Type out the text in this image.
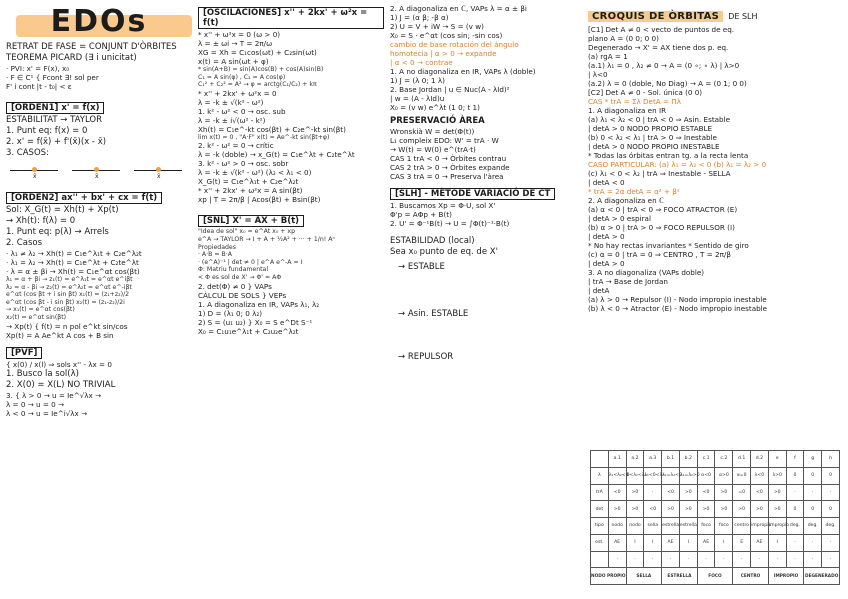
EDOs
RETRAT DE FASE = CONJUNT D'ÒRBITES
TEOREMA PICARD (∃ i unicitat)
· PVI: x' = F(x), x₀
· F ∈ C¹ { Fcont ∃! sol per
F' i cont |t - t₀| < ε
[ORDEN1] x' = f(x)
ESTABILITAT → TAYLOR
1. Punt eq: f(x) = 0
2. x' = f(x̄) + f'(x̄)(x - x̄)
3. CASOS:
x̄	x̄	x̄
[ORDEN2] ax'' + bx' + cx = f(t)
Sol: X_G(t) = Xh(t) + Xp(t)
→ Xh(t): f(λ) = 0
1. Punt eq: p(λ) → Arrels
2. Casos
· λ₁ ≠ λ₂ → Xh(t) = C₁e^λ₁t + C₂e^λ₂t
· λ₁ = λ₂ → Xh(t) = C₁e^λt + C₂te^λt
· λ = α ± βi → Xh(t) = C₁e^αt cos(βt)
λ₁ = α + βi → z₁(t) = e^λ₁t = e^αt e^iβt
λ₂ = α - βi → z₂(t) = e^λ₂t = e^αt e^-iβt
e^αt (cos βt + i sin βt) x₁(t) = (z₁+z₂)/2
e^αt (cos βt - i sin βt) x₂(t) = (z₁-z₂)/2i
→ x₁(t) = e^αt cos(βt)
x₂(t) = e^αt sin(βt)
→ Xp(t) { f(t) = n pol e^kt sin/cos
Xp(t) = A Ae^kt A cos + B sin
[PVF]
{ x(0) / x(l) ⇒ sols x'' - λx = 0
1. Busco la sol(λ)
2. X(0) = X(L) NO TRIVIAL
3. { λ > 0 → u = Ie^√λx →
λ = 0 → u = 0 →
λ < 0 → u = Ie^i√λx →
[OSCILACIONES] x'' + 2kx' + ω²x = f(t)
* x'' + ω²x = 0 (ω > 0)
λ = ± ωi → T = 2π/ω
XG = Xh = C₁cos(ωt) + C₂sin(ωt)
x(t) = A sin(ωt + φ)
* sin(A+B) = sin(A)cos(B) + cos(A)sin(B)
C₁ = A sin(φ) , C₂ = A cos(φ)
C₁² + C₂² = A² → φ = arctg(C₁/C₂) + kπ
* x'' + 2kx' + ω²x = 0
λ = -k ± √(k² - ω²)
1. k² - ω² < 0 → osc. sub
λ = -k ± i√(ω² - k²)
Xh(t) = C₁e^-kt cos(βt) + C₂e^-kt sin(βt)
lim x(t) = 0 , "A·F" x(t) = Ae^-kt sin(βt+φ)
2. k² - ω² = 0 → crític
λ = -k (doble) → x_G(t) = C₁e^λt + C₂te^λt
3. k² - ω² > 0 → osc. sobr
λ = -k ± √(k² - ω²) (λ₂ < λ₁ < 0)
X_G(t) = C₁e^λ₁t + C₂e^λ₂t
* x'' + 2kx' + ω²x = A sin(βt)
xp | T = 2π/β | Acos(βt) + Bsin(βt)
[SNL] X' = AX + B(t)
"Idea de sol" x₀ = e^At x₀ + xp
e^A → TAYLOR → I + A + ½A² + ··· + 1/n! Aⁿ
Propiedades
· A·B = B·A
· (e^A)⁻¹ | det ≠ 0 | e^A e^-A = I
Φ: Matriu fundamental
< Φ es sol de X' → Φ' = AΦ
2. det(Φ) ≠ 0 } VAPs
CÀLCUL DE SOLS } VEPs
1. A diagonaliza en IR, VAPs λ₁, λ₂
1) D = (λ₁ 0; 0 λ₂)
2) S = (u₁ u₂) } X₀ = S e^Dt S⁻¹
X₀ = C₁u₁e^λ₁t + C₂u₂e^λ₂t
2. A diagonaliza en ℂ, VAPs λ = α ± βi
1) J = (α β; -β α)
2) U = V + iW → S = (v w)
X₀ = S · e^αt (cos sin; -sin cos)
cambio de base rotación del ángulo
homotecia | α > 0 → expande
| α < 0 → contrae
1. A no diagonaliza en IR, VAPs λ (doble)
1) J = (λ 0; 1 λ)
2. Base Jordan | u ∈ Nuc(A - λId)²
| w = (A - λId)u
X₀ = (v w) e^λt (1 0; t 1)
PRESERVACIÓ ÀREA
Wronskià W = det(Φ(t))
L₁ compleix EDO: W' = trA · W
→ W(t) = W(0) e^(trA·t)
CAS 1 trA < 0 → Òrbites contrau
CAS 2 trA > 0 → Òrbites expande
CAS 3 trA = 0 → Preserva l'àrea
[SLH] - MÈTODE VARIACIÓ DE CT
1. Buscamos Xp = Φ·U, sol X'
Φ'p = AΦp + B(t)
2. U' = Φ⁻¹B(t) → U = ∫Φ(t)⁻¹·B(t)
ESTABILIDAD (local)
Sea x₀ punto de eq. de X'
→ ESTABLE
→ Asin. ESTABLE
→ REPULSOR
CROQUIS DE ÒRBITAS DE SLH
[C1] Det A ≠ 0 < vecto de puntos de eq.
plano A = (0 0; 0 0)
Degenerado → X' = AX tiene dos p. eq.
(a) rgA = 1
(a.1) λ₁ = 0 , λ₂ ≠ 0 → A = (0 ∘; ∘ λ) | λ>0
| λ<0
(a.2) λ = 0 (doble, No Diag) → A = (0 1; 0 0)
[C2] Det A ≠ 0 - Sol. única (0 0)
CAS * trA = Σλ DetA = Πλ
1. A diagonaliza en IR
(a) λ₁ < λ₂ < 0 | trA < 0 ⇒ Asin. Estable
| detA > 0 NODO PROPIO ESTABLE
(b) 0 < λ₂ < λ₁ | trA > 0 ⇒ Inestable
| detA > 0 NODO PROPIO INESTABLE
* Todas las órbitas entran tg. a la recta lenta
CASO PARTICULAR: (a) λ₁ = λ₂ < 0 (b) λ₁ = λ₂ > 0
(c) λ₁ < 0 < λ₂ | trA ⇒ Inestable - SELLA
| detA < 0
* trA = 2α detA = α² + β²
2. A diagonaliza en ℂ
(a) α < 0 | trA < 0 ⇒ FOCO ATRACTOR (E)
| detA > 0 espiral
(b) α > 0 | trA > 0 ⇒ FOCO REPULSOR (I)
| detA > 0
* No hay rectas invariantes * Sentido de giro
(c) α = 0 | trA = 0 ⇒ CENTRO , T = 2π/β
| detA > 0
3. A no diagonaliza (VAPs doble)
| trA → Base de Jordan
| detA
(a) λ > 0 → Repulsor (I) - Nodo impropio inestable
(b) λ < 0 → Atractor (E) - Nodo impropio inestable
	a.1	a.2	a.3	b.1	b.2	c.1	c.2	d.1	d.2	e	f	g	h
λ	λ₁<λ₂<0	0<λ₂<λ₁	λ₁<0<λ₂	λ₁=λ₂<0	λ₁=λ₂>0	α<0	α>0	α=0	λ<0	λ>0	0	0	0
trA	<0	>0	·	<0	>0	<0	>0	=0	<0	>0	·	·	·
det	>0	>0	<0	>0	>0	>0	>0	>0	>0	>0	0	0	0
tipo	nodo	nodo	sella	estrella	estrella	foco	foco	centro	impropio	impropio	deg.	deg.	deg.
est.	AE	I	I	AE	I	AE	I	E	AE	I	·	·	·
	·	·	·	·	·	·	·	·	·	·	·	·	·
NODO PROPIO		SELLA		ESTRELLA		FOCO		CENTRO		IMPROPIO		DEGENERADO	
